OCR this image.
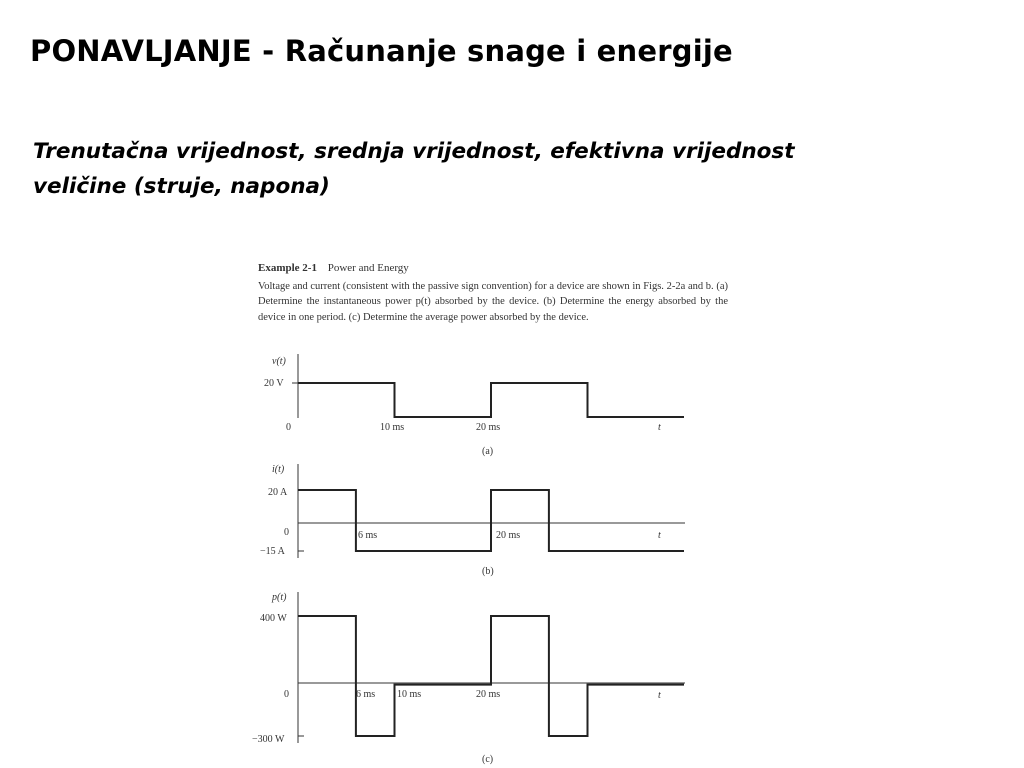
PONAVLJANJE - Računanje snage i energije
Trenutačna vrijednost, srednja vrijednost, efektivna vrijednost
veličine (struje, napona)
Example 2-1 Power and Energy
Voltage and current (consistent with the passive sign convention) for a device are shown in Figs. 2-2a and b. (a) Determine the instantaneous power p(t) absorbed by the device. (b) Determine the energy absorbed by the device in one period. (c) Determine the average power absorbed by the device.
v(t)
20 V
0	10 ms	20 ms	t
(a)
i(t)
20 A
0
−15 A
6 ms	20 ms	t
(b)
p(t)
400 W
0
−300 W
6 ms 10 ms	20 ms	t
(c)
